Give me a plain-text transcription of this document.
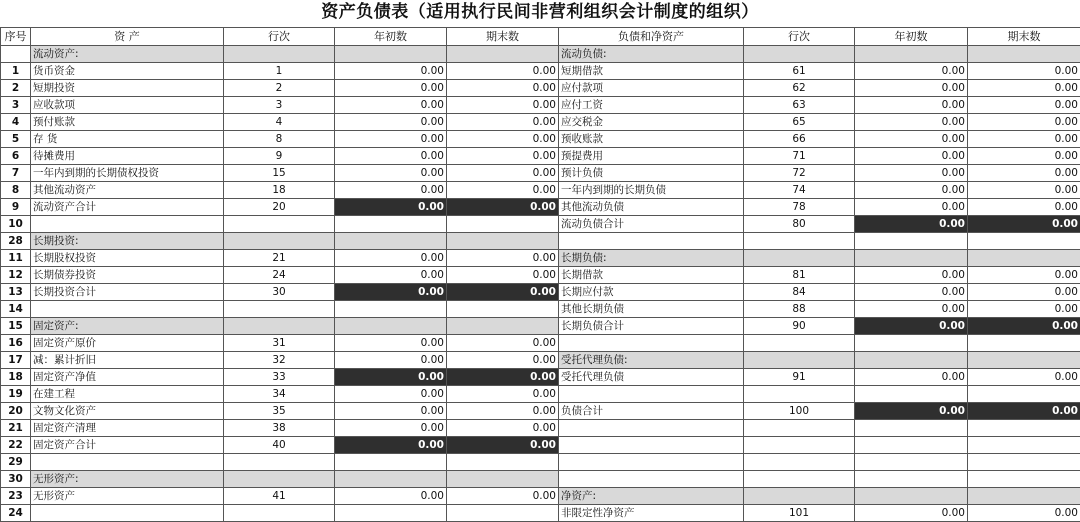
资产负债表（适用执行民间非营利组织会计制度的组织）
序号	资 产	行次	年初数	期末数	负债和净资产	行次	年初数	期末数
	流动资产:				流动负债:			
1	货币资金	1	0.00	0.00	短期借款	61	0.00	0.00
2	短期投资	2	0.00	0.00	应付款项	62	0.00	0.00
3	应收款项	3	0.00	0.00	应付工资	63	0.00	0.00
4	预付账款	4	0.00	0.00	应交税金	65	0.00	0.00
5	存 货	8	0.00	0.00	预收账款	66	0.00	0.00
6	待摊费用	9	0.00	0.00	预提费用	71	0.00	0.00
7	一年内到期的长期债权投资	15	0.00	0.00	预计负债	72	0.00	0.00
8	其他流动资产	18	0.00	0.00	一年内到期的长期负债	74	0.00	0.00
9	流动资产合计	20	0.00	0.00	其他流动负债	78	0.00	0.00
10					流动负债合计	80	0.00	0.00
28	长期投资:							
11	长期股权投资	21	0.00	0.00	长期负债:			
12	长期债券投资	24	0.00	0.00	长期借款	81	0.00	0.00
13	长期投资合计	30	0.00	0.00	长期应付款	84	0.00	0.00
14					其他长期负债	88	0.00	0.00
15	固定资产:				长期负债合计	90	0.00	0.00
16	固定资产原价	31	0.00	0.00				
17	减：累计折旧	32	0.00	0.00	受托代理负债:			
18	固定资产净值	33	0.00	0.00	受托代理负债	91	0.00	0.00
19	在建工程	34	0.00	0.00				
20	文物文化资产	35	0.00	0.00	负债合计	100	0.00	0.00
21	固定资产清理	38	0.00	0.00				
22	固定资产合计	40	0.00	0.00				
29								
30	无形资产:							
23	无形资产	41	0.00	0.00	净资产:			
24					非限定性净资产	101	0.00	0.00
